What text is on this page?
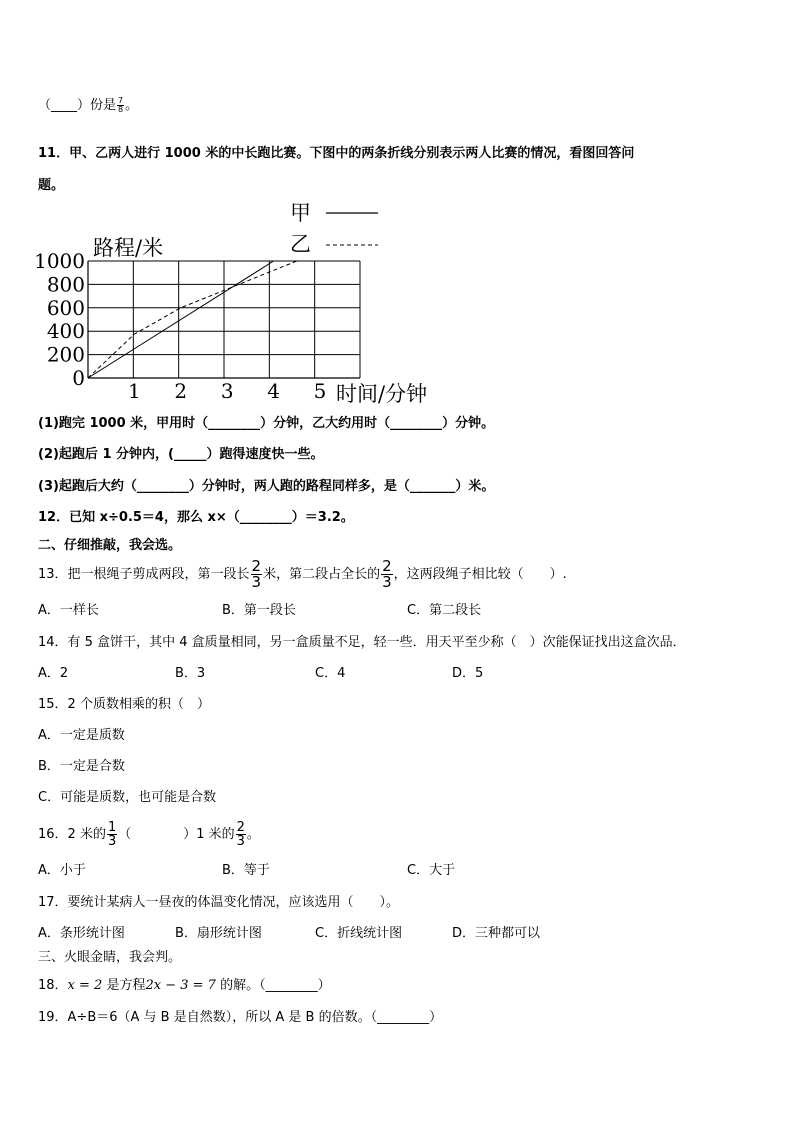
（____）份是 $\frac{7}{8}$ 。
11．甲、乙两人进行 1000 米的中长跑比赛。下图中的两条折线分别表示两人比赛的情况，看图回答问
题。
0
200
400
600
800
1000
1 2 3 4 5
路程/米
时间/分钟
甲
乙
(1)跑完 1000 米，甲用时（________）分钟，乙大约用时（________）分钟。
(2)起跑后 1 分钟内，(_____）跑得速度快一些。
(3)起跑后大约（________）分钟时，两人跑的路程同样多，是（_______）米。
12．已知 x÷0.5＝4，那么 x×（________）＝3.2。
二、仔细推敲，我会选。
13．把一根绳子剪成两段，第一段长 $\frac{2}{3}$ 米，第二段占全长的 $\frac{2}{3}$ ，这两段绳子相比较（　　）.
A．一样长	B．第一段长	C．第二段长
14．有 5 盒饼干，其中 4 盒质量相同，另一盒质量不足，轻一些．用天平至少称（　）次能保证找出这盒次品．
A．2	B．3	C．4	D．5
15．2 个质数相乘的积（　）
A．一定是质数
B．一定是合数
C．可能是质数，也可能是合数
16．2 米的 $\frac{1}{3}$ （　　　　）1 米的 $\frac{2}{3}$ 。
A．小于	B．等于	C．大于
17．要统计某病人一昼夜的体温变化情况，应该选用（　　）。
A．条形统计图	B．扇形统计图	C．折线统计图	D．三种都可以
三、火眼金睛，我会判。
18．x = 2 是方程2x − 3 = 7 的解。（________）
19．A÷B＝6（A 与 B 是自然数），所以 A 是 B 的倍数。（________）
